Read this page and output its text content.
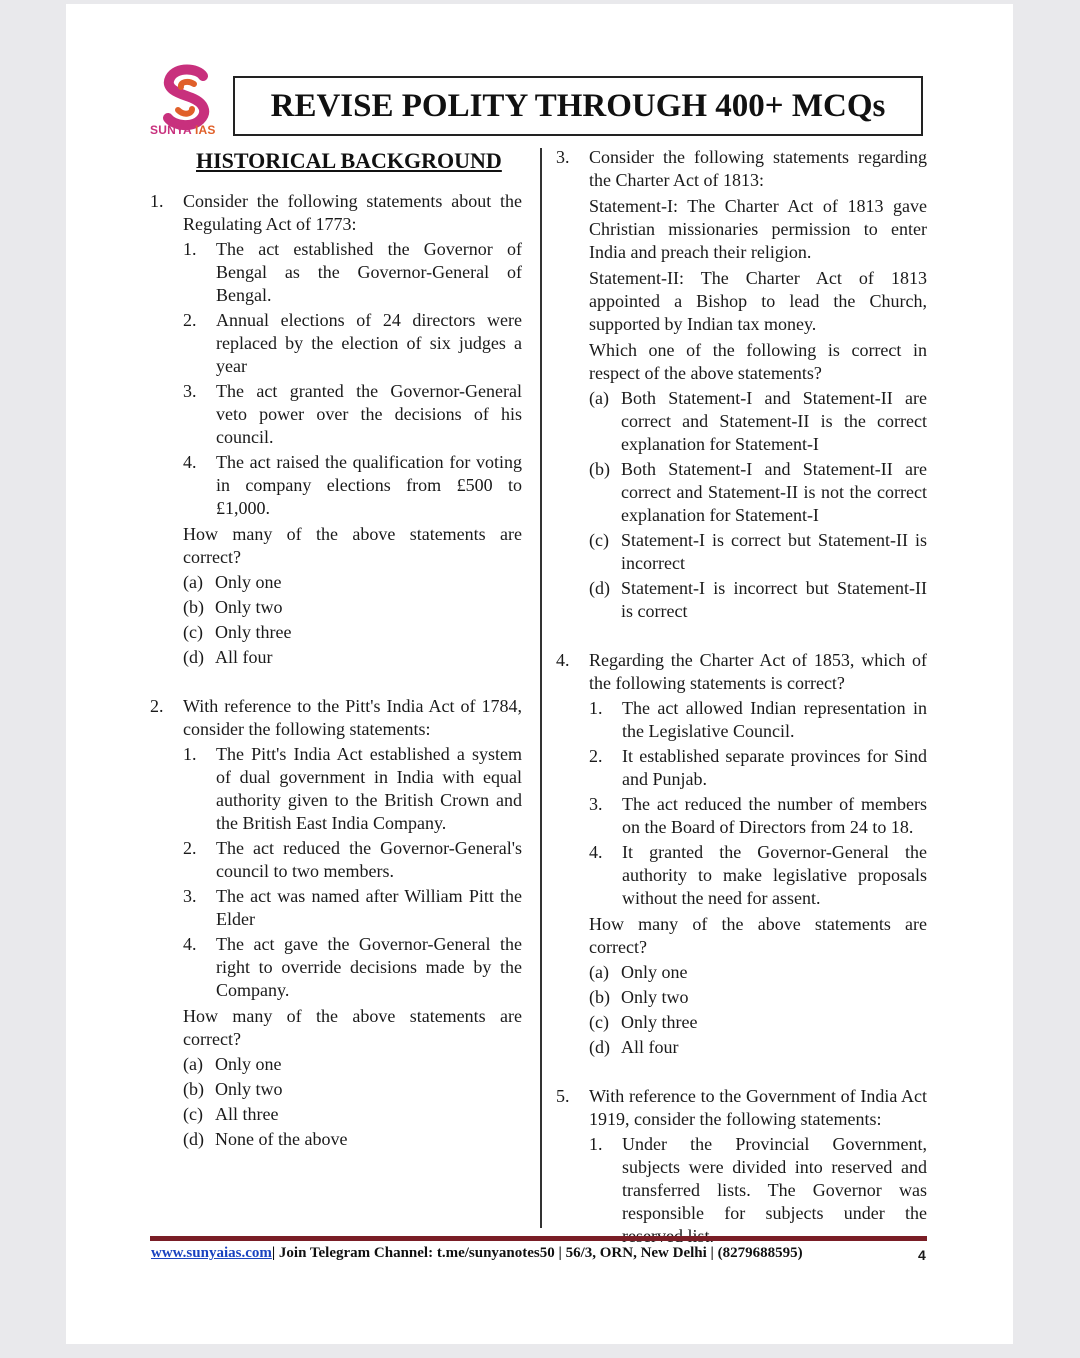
SUNYA IAS
REVISE POLITY THROUGH 400+ MCQs
HISTORICAL BACKGROUND
1. Consider the following statements about the Regulating Act of 1773:
1. The act established the Governor of Bengal as the Governor-General of Bengal.
2. Annual elections of 24 directors were replaced by the election of six judges a year
3. The act granted the Governor-General veto power over the decisions of his council.
4. The act raised the qualification for voting in company elections from £500 to £1,000.
How many of the above statements are correct?
(a) Only one
(b) Only two
(c) Only three
(d) All four
2. With reference to the Pitt's India Act of 1784, consider the following statements:
1. The Pitt's India Act established a system of dual government in India with equal authority given to the British Crown and the British East India Company.
2. The act reduced the Governor-General's council to two members.
3. The act was named after William Pitt the Elder
4. The act gave the Governor-General the right to override decisions made by the Company.
How many of the above statements are correct?
(a) Only one
(b) Only two
(c) All three
(d) None of the above
3. Consider the following statements regarding the Charter Act of 1813:
Statement-I: The Charter Act of 1813 gave Christian missionaries permission to enter India and preach their religion.
Statement-II: The Charter Act of 1813 appointed a Bishop to lead the Church, supported by Indian tax money.
Which one of the following is correct in respect of the above statements?
(a) Both Statement-I and Statement-II are correct and Statement-II is the correct explanation for Statement-I
(b) Both Statement-I and Statement-II are correct and Statement-II is not the correct explanation for Statement-I
(c) Statement-I is correct but Statement-II is incorrect
(d) Statement-I is incorrect but Statement-II is correct
4. Regarding the Charter Act of 1853, which of the following statements is correct?
1. The act allowed Indian representation in the Legislative Council.
2. It established separate provinces for Sind and Punjab.
3. The act reduced the number of members on the Board of Directors from 24 to 18.
4. It granted the Governor-General the authority to make legislative proposals without the need for assent.
How many of the above statements are correct?
(a) Only one
(b) Only two
(c) Only three
(d) All four
5. With reference to the Government of India Act 1919, consider the following statements:
1. Under the Provincial Government, subjects were divided into reserved and transferred lists. The Governor was responsible for subjects under the
www.sunyaias.com| Join Telegram Channel: t.me/sunyanotes50 | 56/3, ORN, New Delhi | (8279688595)	4
